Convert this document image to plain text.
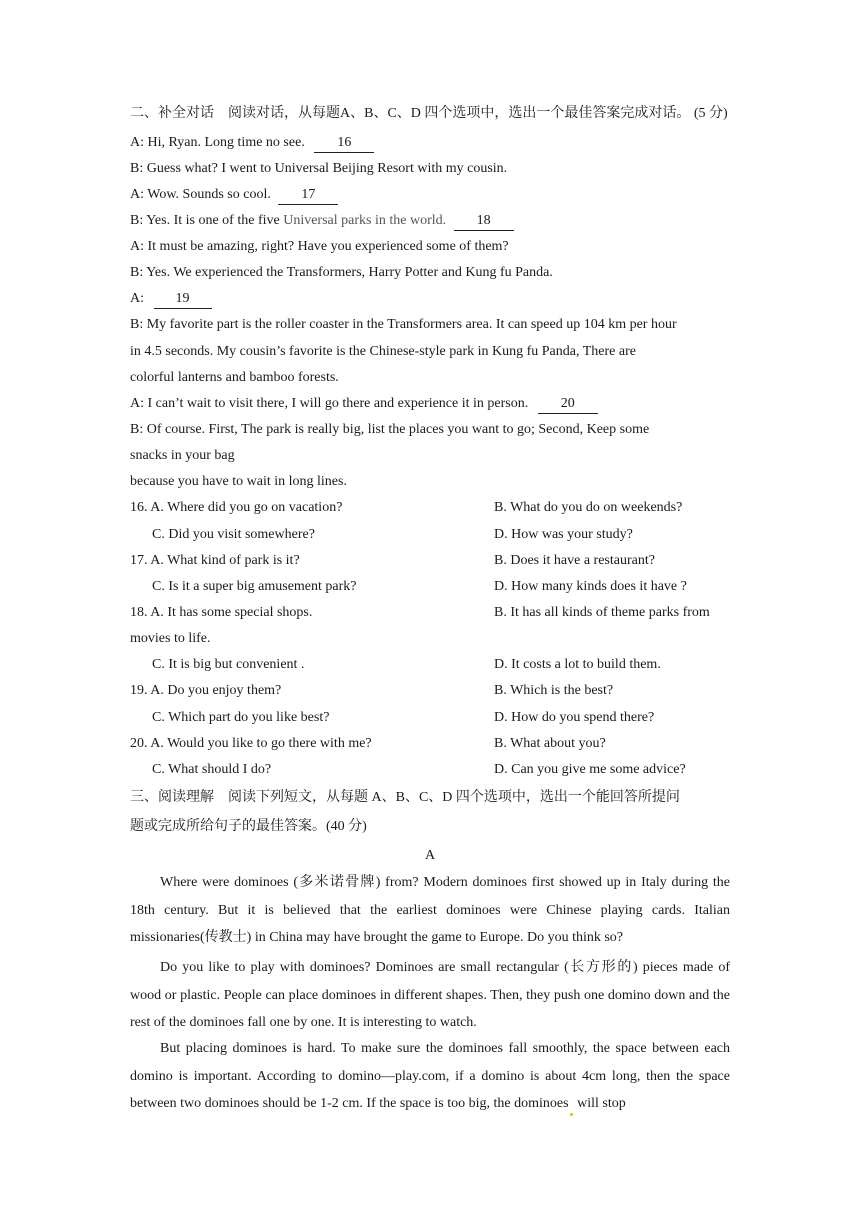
二、补全对话　阅读对话，从每题A、B、C、D 四个选项中，选出一个最佳答案完成对话。 (5 分)
A: Hi, Ryan. Long time no see. 16
B: Guess what? I went to Universal Beijing Resort with my cousin.
A: Wow. Sounds so cool. 17
B: Yes. It is one of the five Universal parks in the world. 18
A: It must be amazing, right? Have you experienced some of them?
B: Yes. We experienced the Transformers, Harry Potter and Kung fu Panda.
A: 19
B: My favorite part is the roller coaster in the Transformers area. It can speed up 104 km per hour
in 4.5 seconds. My cousin’s favorite is the Chinese-style park in Kung fu Panda, There are
colorful lanterns and bamboo forests.
A: I can’t wait to visit there, I will go there and experience it in person. 20
B: Of course. First, The park is really big, list the places you want to go; Second, Keep some
snacks in your bag
because you have to wait in long lines.
16. A. Where did you go on vacation?	B. What do you do on weekends?
C. Did you visit somewhere?	D. How was your study?
17. A. What kind of park is it?	B. Does it have a restaurant?
C. Is it a super big amusement park?	D. How many kinds does it have ?
18. A. It has some special shops.	B. It has all kinds of theme parks from
movies to life.
C. It is big but convenient .	D. It costs a lot to build them.
19. A. Do you enjoy them?	B. Which is the best?
C. Which part do you like best?	D. How do you spend there?
20. A. Would you like to go there with me?	B. What about you?
C. What should I do?	D. Can you give me some advice?
三、阅读理解　阅读下列短文，从每题 A、B、C、D 四个选项中，选出一个能回答所提问
题或完成所给句子的最佳答案。(40 分)
A
Where were dominoes (多米诺骨牌) from? Modern dominoes first showed up in Italy during the 18th century. But it is believed that the earliest dominoes were Chinese playing cards. Italian missionaries(传教士) in China may have brought the game to Europe. Do you think so?
Do you like to play with dominoes? Dominoes are small rectangular (长方形的) pieces made of wood or plastic. People can place dominoes in different shapes. Then, they push one domino down and the rest of the dominoes fall one by one. It is interesting to watch.
But placing dominoes is hard. To make sure the dominoes fall smoothly, the space between each domino is important. According to domino—play.com, if a domino is about 4cm long, then the space between two dominoes should be 1-2 cm. If the space is too big, the dominoes will stop
